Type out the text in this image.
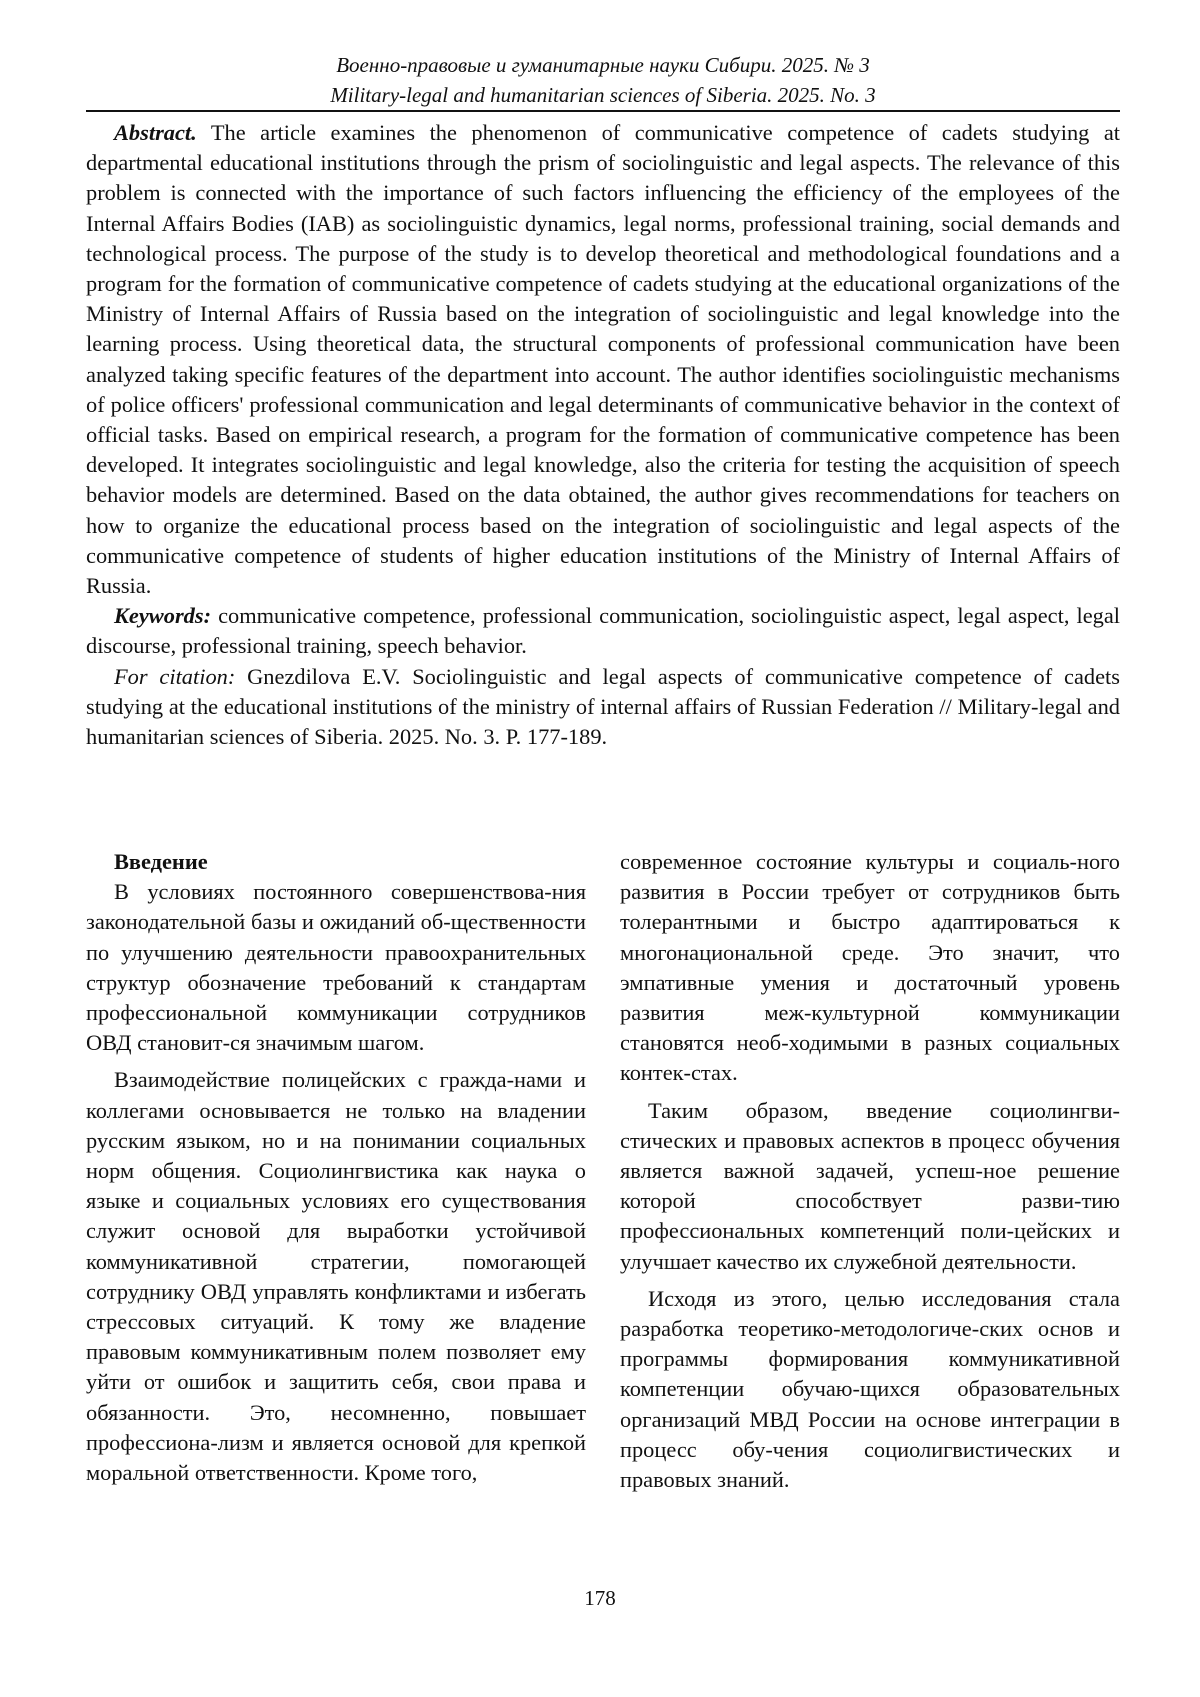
Военно-правовые и гуманитарные науки Сибири. 2025. № 3
Military-legal and humanitarian sciences of Siberia. 2025. No. 3

Abstract. The article examines the phenomenon of communicative competence of cadets studying at departmental educational institutions through the prism of sociolinguistic and legal aspects. The relevance of this problem is connected with the importance of such factors influencing the efficiency of the employees of the Internal Affairs Bodies (IAB) as sociolinguistic dynamics, legal norms, professional training, social demands and technological process. The purpose of the study is to develop theoretical and methodological foundations and a program for the formation of communicative competence of cadets studying at the educational organizations of the Ministry of Internal Affairs of Russia based on the integration of sociolinguistic and legal knowledge into the learning process. Using theoretical data, the structural components of professional communication have been analyzed taking specific features of the department into account. The author identifies sociolinguistic mechanisms of police officers' professional communication and legal determinants of communicative behavior in the context of official tasks. Based on empirical research, a program for the formation of communicative competence has been developed. It integrates sociolinguistic and legal knowledge, also the criteria for testing the acquisition of speech behavior models are determined. Based on the data obtained, the author gives recommendations for teachers on how to organize the educational process based on the integration of sociolinguistic and legal aspects of the communicative competence of students of higher education institutions of the Ministry of Internal Affairs of Russia.

Keywords: communicative competence, professional communication, sociolinguistic aspect, legal aspect, legal discourse, professional training, speech behavior.

For citation: Gnezdilova E.V. Sociolinguistic and legal aspects of communicative competence of cadets studying at the educational institutions of the ministry of internal affairs of Russian Federation // Military-legal and humanitarian sciences of Siberia. 2025. No. 3. P. 177-189.

Введение

В условиях постоянного совершенствова-ния законодательной базы и ожиданий об-щественности по улучшению деятельности правоохранительных структур обозначение требований к стандартам профессиональной коммуникации сотрудников ОВД становит-ся значимым шагом.

Взаимодействие полицейских с гражда-нами и коллегами основывается не только на владении русским языком, но и на понимании социальных норм общения. Социолингвистика как наука о языке и социальных условиях его существования служит основой для выработки устойчивой коммуникативной стратегии, помогающей сотруднику ОВД управлять конфликтами и избегать стрессовых ситуаций. К тому же владение правовым коммуникативным полем позволяет ему уйти от ошибок и защитить себя, свои права и обязанности. Это, несомненно, повышает профессиона-лизм и является основой для крепкой моральной ответственности. Кроме того,

современное состояние культуры и социаль-ного развития в России требует от сотрудников быть толерантными и быстро адаптироваться к многонациональной среде. Это значит, что эмпативные умения и достаточный уровень развития меж-культурной коммуникации становятся необ-ходимыми в разных социальных контек-стах.

Таким образом, введение социолингви-стических и правовых аспектов в процесс обучения является важной задачей, успеш-ное решение которой способствует разви-тию профессиональных компетенций поли-цейских и улучшает качество их служебной деятельности.

Исходя из этого, целью исследования стала разработка теоретико-методологиче-ских основ и программы формирования коммуникативной компетенции обучаю-щихся образовательных организаций МВД России на основе интеграции в процесс обу-чения социолигвистических и правовых знаний.

178
